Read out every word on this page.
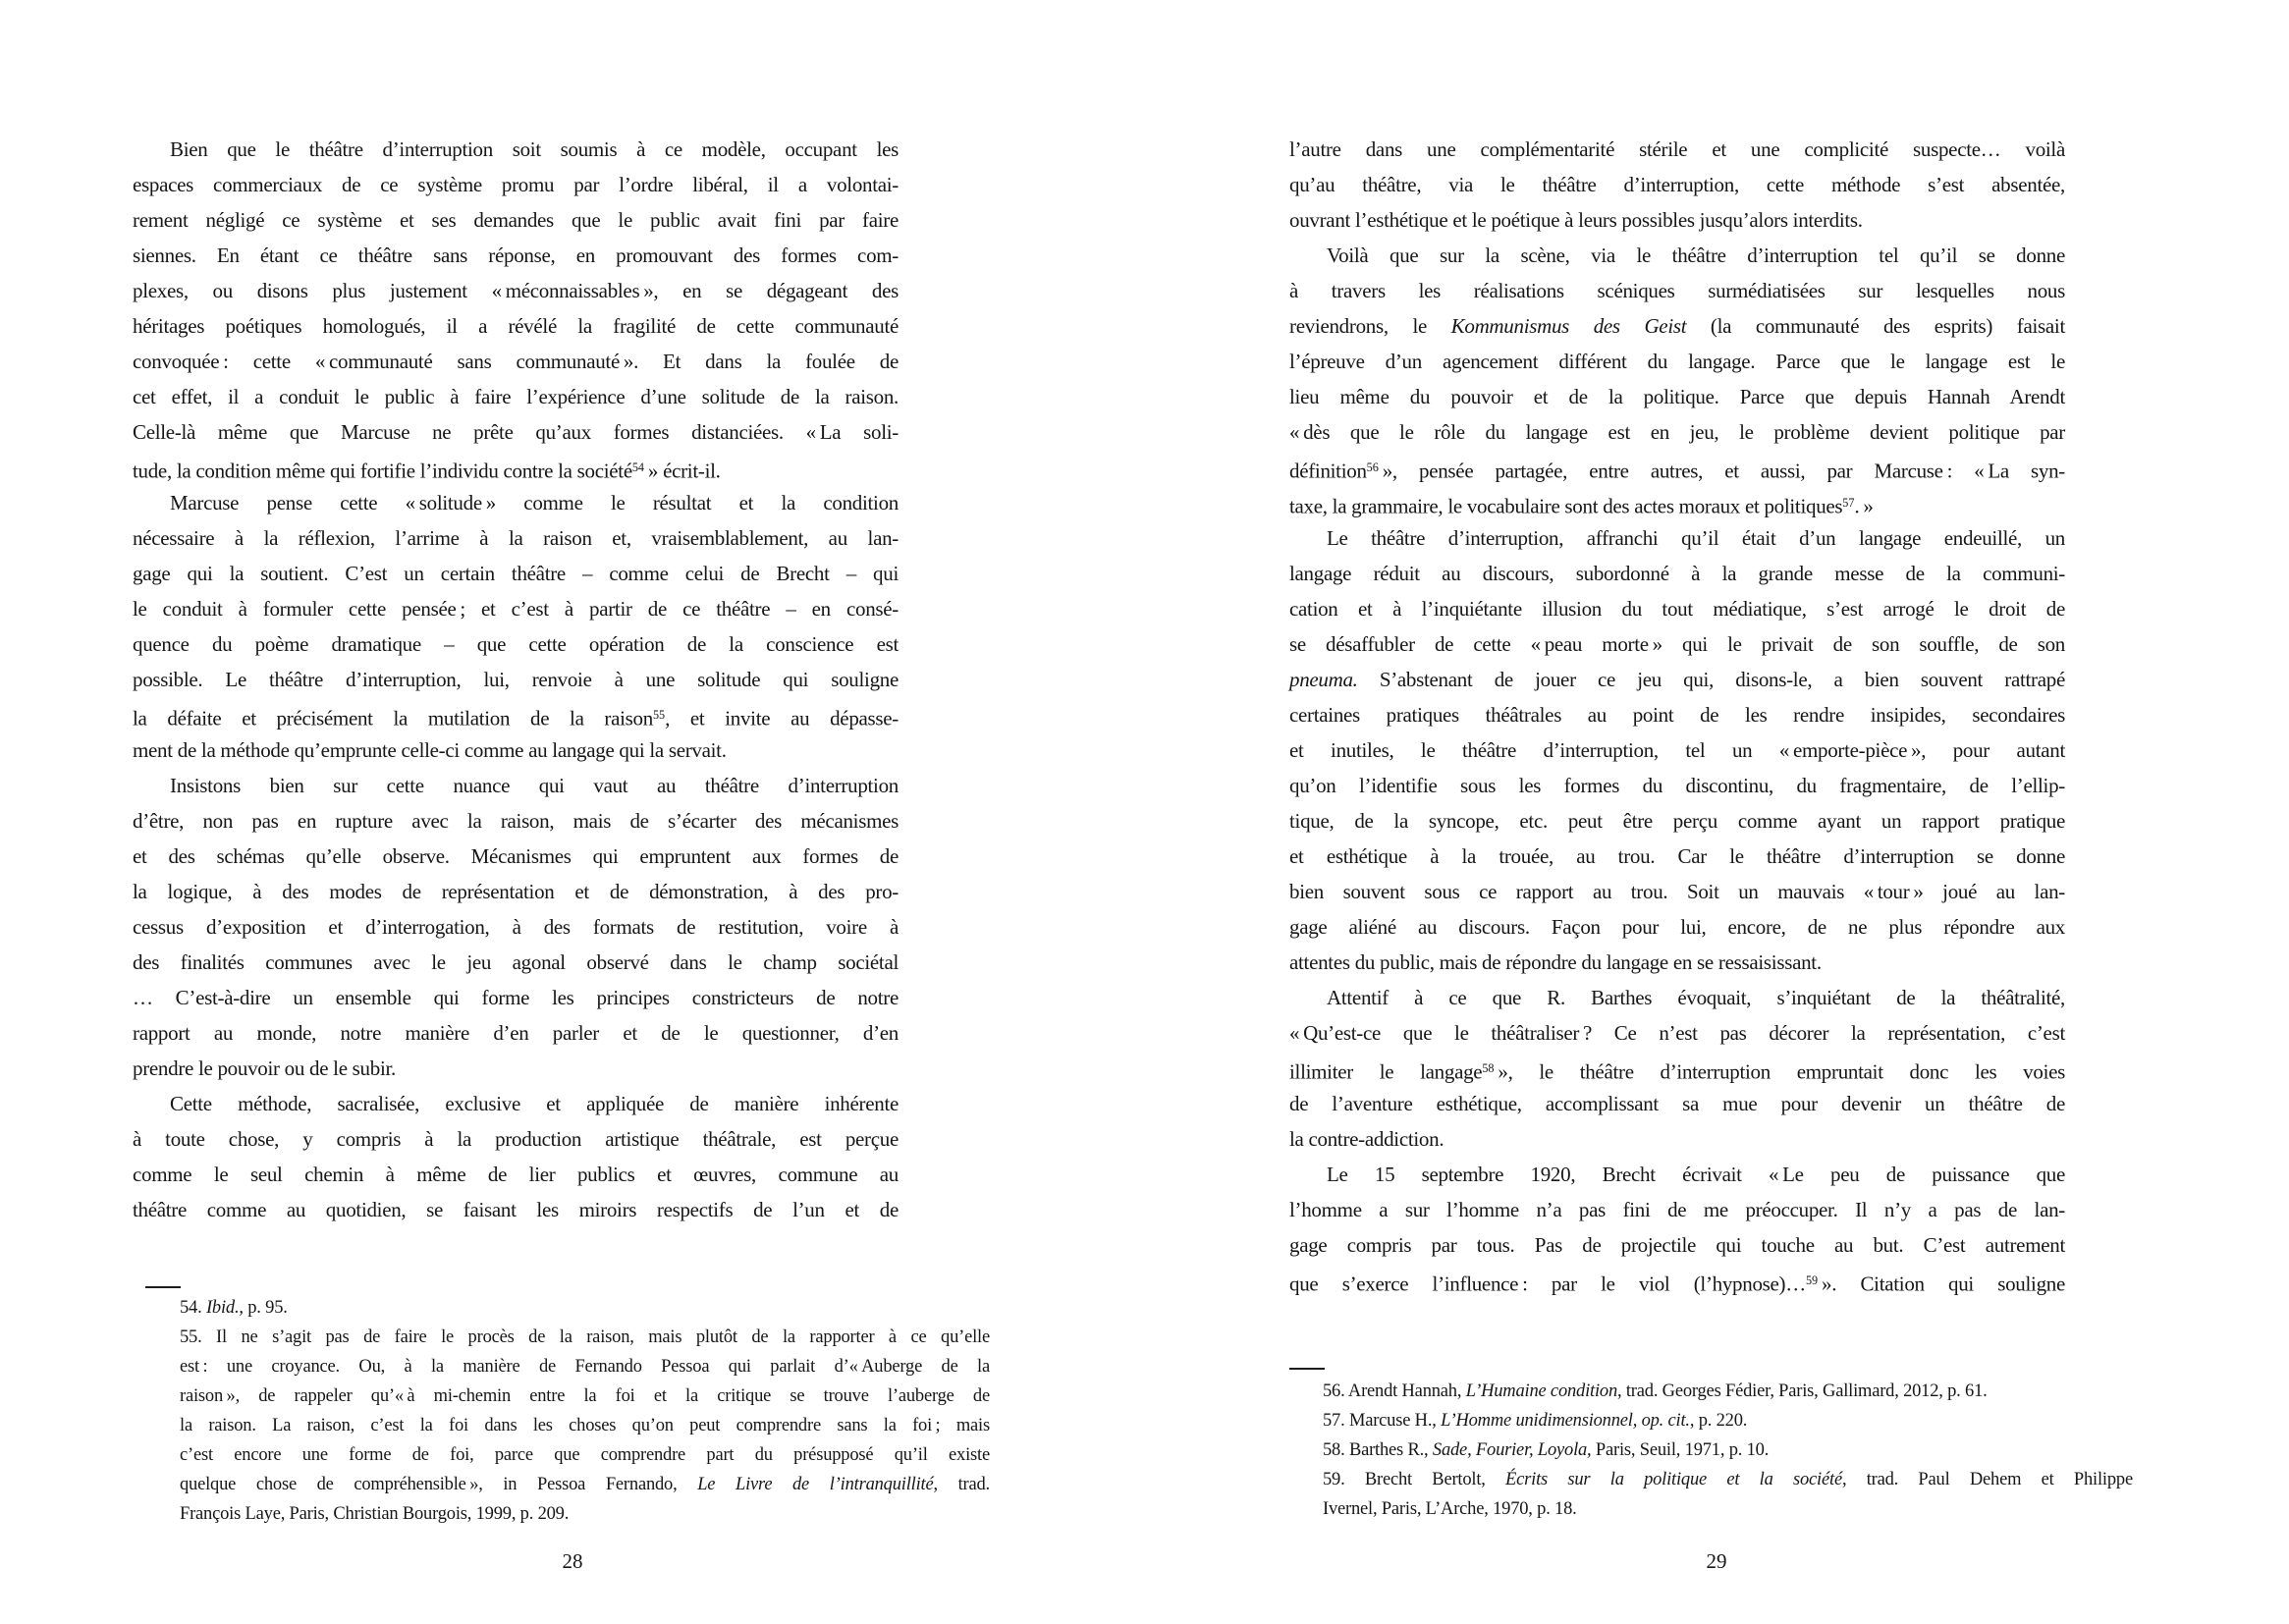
Bien que le théâtre d’interruption soit soumis à ce modèle, occupant les
espaces commerciaux de ce système promu par l’ordre libéral, il a volontai-
rement négligé ce système et ses demandes que le public avait fini par faire
siennes. En étant ce théâtre sans réponse, en promouvant des formes com-
plexes, ou disons plus justement « méconnaissables », en se dégageant des
héritages poétiques homologués, il a révélé la fragilité de cette communauté
convoquée : cette « communauté sans communauté ». Et dans la foulée de
cet effet, il a conduit le public à faire l’expérience d’une solitude de la raison.
Celle-là même que Marcuse ne prête qu’aux formes distanciées. « La soli-
tude, la condition même qui fortifie l’individu contre la société$^{54}$ » écrit-il.
Marcuse pense cette « solitude » comme le résultat et la condition
nécessaire à la réflexion, l’arrime à la raison et, vraisemblablement, au lan-
gage qui la soutient. C’est un certain théâtre – comme celui de Brecht – qui
le conduit à formuler cette pensée ; et c’est à partir de ce théâtre – en consé-
quence du poème dramatique – que cette opération de la conscience est
possible. Le théâtre d’interruption, lui, renvoie à une solitude qui souligne
la défaite et précisément la mutilation de la raison$^{55}$, et invite au dépasse-
ment de la méthode qu’emprunte celle-ci comme au langage qui la servait.
Insistons bien sur cette nuance qui vaut au théâtre d’interruption
d’être, non pas en rupture avec la raison, mais de s’écarter des mécanismes
et des schémas qu’elle observe. Mécanismes qui empruntent aux formes de
la logique, à des modes de représentation et de démonstration, à des pro-
cessus d’exposition et d’interrogation, à des formats de restitution, voire à
des finalités communes avec le jeu agonal observé dans le champ sociétal
… C’est-à-dire un ensemble qui forme les principes constricteurs de notre
rapport au monde, notre manière d’en parler et de le questionner, d’en
prendre le pouvoir ou de le subir.
Cette méthode, sacralisée, exclusive et appliquée de manière inhérente
à toute chose, y compris à la production artistique théâtrale, est perçue
comme le seul chemin à même de lier publics et œuvres, commune au
théâtre comme au quotidien, se faisant les miroirs respectifs de l’un et de
54. Ibid., p. 95.
55. Il ne s’agit pas de faire le procès de la raison, mais plutôt de la rapporter à ce qu’elle
est : une croyance. Ou, à la manière de Fernando Pessoa qui parlait d’« Auberge de la
raison », de rappeler qu’« à mi-chemin entre la foi et la critique se trouve l’auberge de
la raison. La raison, c’est la foi dans les choses qu’on peut comprendre sans la foi ; mais
c’est encore une forme de foi, parce que comprendre part du présupposé qu’il existe
quelque chose de compréhensible », in Pessoa Fernando, Le Livre de l’intranquillité, trad.
François Laye, Paris, Christian Bourgois, 1999, p. 209.
28
l’autre dans une complémentarité stérile et une complicité suspecte… voilà
qu’au théâtre, via le théâtre d’interruption, cette méthode s’est absentée,
ouvrant l’esthétique et le poétique à leurs possibles jusqu’alors interdits.
Voilà que sur la scène, via le théâtre d’interruption tel qu’il se donne
à travers les réalisations scéniques surmédiatisées sur lesquelles nous
reviendrons, le Kommunismus des Geist (la communauté des esprits) faisait
l’épreuve d’un agencement différent du langage. Parce que le langage est le
lieu même du pouvoir et de la politique. Parce que depuis Hannah Arendt
« dès que le rôle du langage est en jeu, le problème devient politique par
définition$^{56}$ », pensée partagée, entre autres, et aussi, par Marcuse : « La syn-
taxe, la grammaire, le vocabulaire sont des actes moraux et politiques$^{57}$. »
Le théâtre d’interruption, affranchi qu’il était d’un langage endeuillé, un
langage réduit au discours, subordonné à la grande messe de la communi-
cation et à l’inquiétante illusion du tout médiatique, s’est arrogé le droit de
se désaffubler de cette « peau morte » qui le privait de son souffle, de son
pneuma. S’abstenant de jouer ce jeu qui, disons-le, a bien souvent rattrapé
certaines pratiques théâtrales au point de les rendre insipides, secondaires
et inutiles, le théâtre d’interruption, tel un « emporte-pièce », pour autant
qu’on l’identifie sous les formes du discontinu, du fragmentaire, de l’ellip-
tique, de la syncope, etc. peut être perçu comme ayant un rapport pratique
et esthétique à la trouée, au trou. Car le théâtre d’interruption se donne
bien souvent sous ce rapport au trou. Soit un mauvais « tour » joué au lan-
gage aliéné au discours. Façon pour lui, encore, de ne plus répondre aux
attentes du public, mais de répondre du langage en se ressaisissant.
Attentif à ce que R. Barthes évoquait, s’inquiétant de la théâtralité,
« Qu’est-ce que le théâtraliser ? Ce n’est pas décorer la représentation, c’est
illimiter le langage$^{58}$ », le théâtre d’interruption empruntait donc les voies
de l’aventure esthétique, accomplissant sa mue pour devenir un théâtre de
la contre-addiction.
Le 15 septembre 1920, Brecht écrivait « Le peu de puissance que
l’homme a sur l’homme n’a pas fini de me préoccuper. Il n’y a pas de lan-
gage compris par tous. Pas de projectile qui touche au but. C’est autrement
que s’exerce l’influence : par le viol (l’hypnose)…$^{59}$ ». Citation qui souligne
56. Arendt Hannah, L’Humaine condition, trad. Georges Fédier, Paris, Gallimard, 2012, p. 61.
57. Marcuse H., L’Homme unidimensionnel, op. cit., p. 220.
58. Barthes R., Sade, Fourier, Loyola, Paris, Seuil, 1971, p. 10.
59. Brecht Bertolt, Écrits sur la politique et la société, trad. Paul Dehem et Philippe
Ivernel, Paris, L’Arche, 1970, p. 18.
29
